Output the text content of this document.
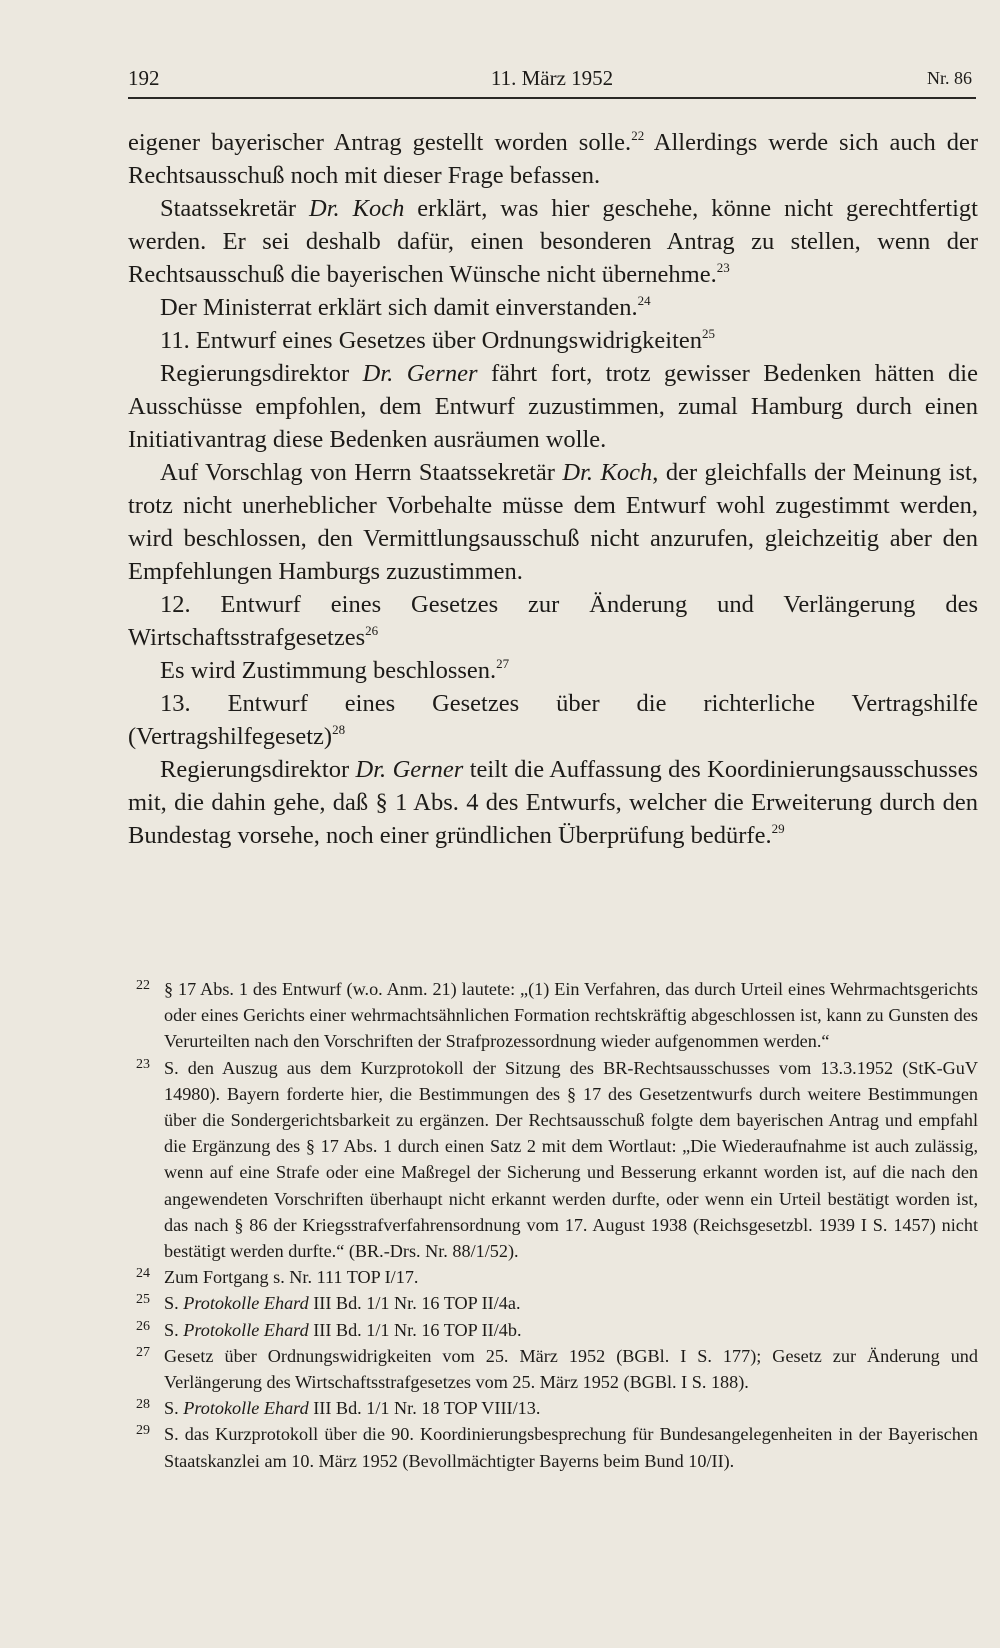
192	11. März 1952	Nr. 86

eigener bayerischer Antrag gestellt worden solle.$^{22}$ Allerdings werde sich auch der Rechtsausschuß noch mit dieser Frage befassen.

Staatssekretär Dr. Koch erklärt, was hier geschehe, könne nicht gerechtfertigt werden. Er sei deshalb dafür, einen besonderen Antrag zu stellen, wenn der Rechtsausschuß die bayerischen Wünsche nicht übernehme.$^{23}$

Der Ministerrat erklärt sich damit einverstanden.$^{24}$

11. Entwurf eines Gesetzes über Ordnungswidrigkeiten$^{25}$

Regierungsdirektor Dr. Gerner fährt fort, trotz gewisser Bedenken hätten die Ausschüsse empfohlen, dem Entwurf zuzustimmen, zumal Hamburg durch einen Initiativantrag diese Bedenken ausräumen wolle.

Auf Vorschlag von Herrn Staatssekretär Dr. Koch, der gleichfalls der Meinung ist, trotz nicht unerheblicher Vorbehalte müsse dem Entwurf wohl zugestimmt werden, wird beschlossen, den Vermittlungsausschuß nicht anzurufen, gleichzeitig aber den Empfehlungen Hamburgs zuzustimmen.

12. Entwurf eines Gesetzes zur Änderung und Verlängerung des Wirtschaftsstrafgesetzes$^{26}$

Es wird Zustimmung beschlossen.$^{27}$

13. Entwurf eines Gesetzes über die richterliche Vertragshilfe (Vertragshilfegesetz)$^{28}$

Regierungsdirektor Dr. Gerner teilt die Auffassung des Koordinierungsausschusses mit, die dahin gehe, daß § 1 Abs. 4 des Entwurfs, welcher die Erweiterung durch den Bundestag vorsehe, noch einer gründlichen Überprüfung bedürfe.$^{29}$

22 § 17 Abs. 1 des Entwurf (w.o. Anm. 21) lautete: „(1) Ein Verfahren, das durch Urteil eines Wehrmachtsgerichts oder eines Gerichts einer wehrmachtsähnlichen Formation rechtskräftig abgeschlossen ist, kann zu Gunsten des Verurteilten nach den Vorschriften der Strafprozessordnung wieder aufgenommen werden.“
23 S. den Auszug aus dem Kurzprotokoll der Sitzung des BR-Rechtsausschusses vom 13.3.1952 (StK-GuV 14980). Bayern forderte hier, die Bestimmungen des § 17 des Gesetzentwurfs durch weitere Bestimmungen über die Sondergerichtsbarkeit zu ergänzen. Der Rechtsausschuß folgte dem bayerischen Antrag und empfahl die Ergänzung des § 17 Abs. 1 durch einen Satz 2 mit dem Wortlaut: „Die Wiederaufnahme ist auch zulässig, wenn auf eine Strafe oder eine Maßregel der Sicherung und Besserung erkannt worden ist, auf die nach den angewendeten Vorschriften überhaupt nicht erkannt werden durfte, oder wenn ein Urteil bestätigt worden ist, das nach § 86 der Kriegsstrafverfahrensordnung vom 17. August 1938 (Reichsgesetzbl. 1939 I S. 1457) nicht bestätigt werden durfte.“ (BR.-Drs. Nr. 88/1/52).
24 Zum Fortgang s. Nr. 111 TOP I/17.
25 S. Protokolle Ehard III Bd. 1/1 Nr. 16 TOP II/4a.
26 S. Protokolle Ehard III Bd. 1/1 Nr. 16 TOP II/4b.
27 Gesetz über Ordnungswidrigkeiten vom 25. März 1952 (BGBl. I S. 177); Gesetz zur Änderung und Verlängerung des Wirtschaftsstrafgesetzes vom 25. März 1952 (BGBl. I S. 188).
28 S. Protokolle Ehard III Bd. 1/1 Nr. 18 TOP VIII/13.
29 S. das Kurzprotokoll über die 90. Koordinierungsbesprechung für Bundesangelegenheiten in der Bayerischen Staatskanzlei am 10. März 1952 (Bevollmächtigter Bayerns beim Bund 10/II).
